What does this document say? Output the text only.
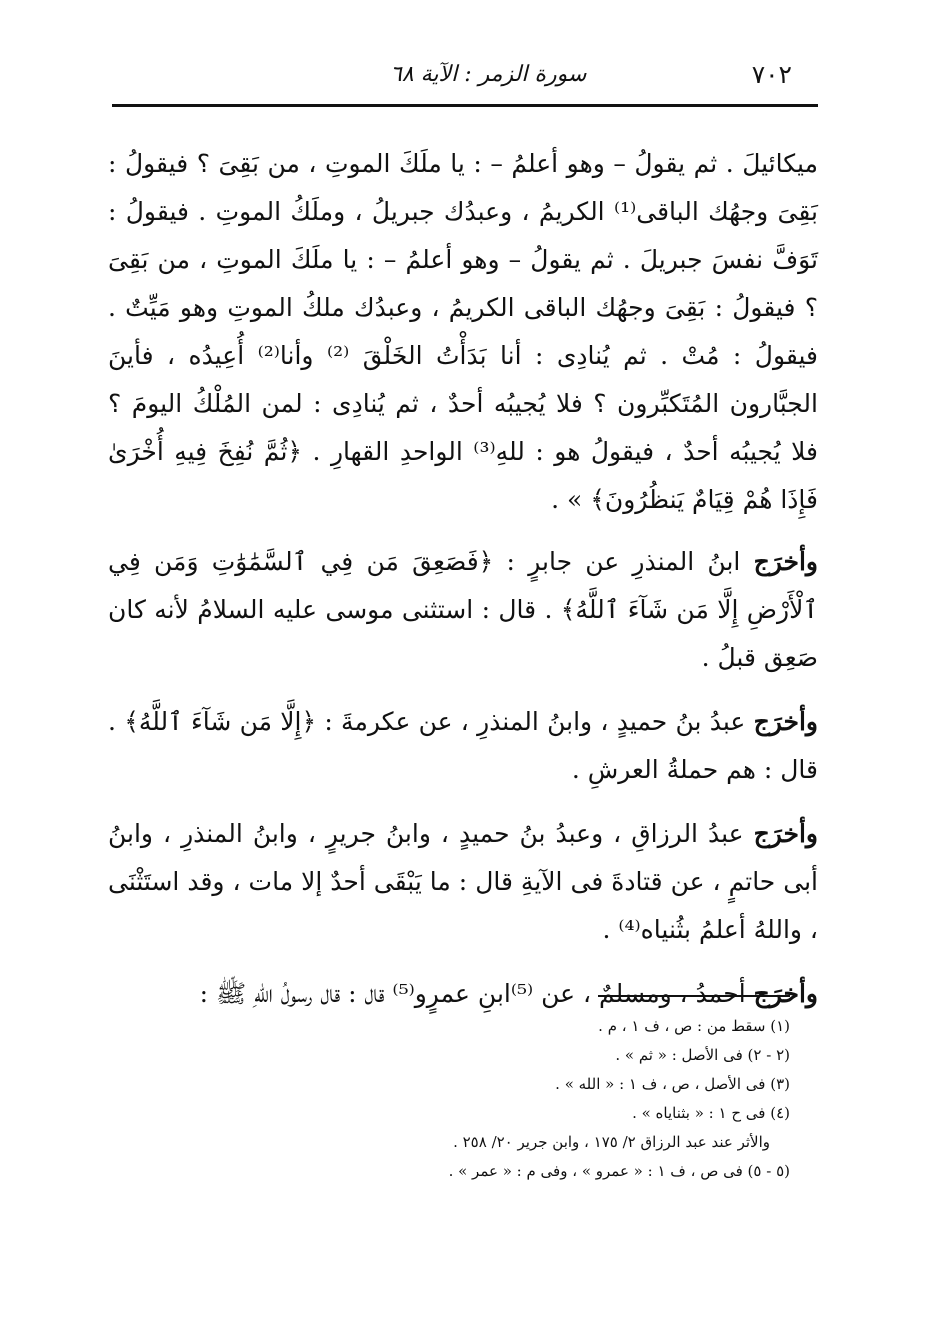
سورة الزمر : الآية ٦٨	٧٠٢

ميكائيلَ . ثم يقولُ – وهو أعلمُ – : يا ملَكَ الموتِ ، من بَقِىَ ؟ فيقولُ : بَقِىَ وجهُك الباقى⁽¹⁾ الكريمُ ، وعبدُك جبريلُ ، وملَكُ الموتِ . فيقولُ : تَوَفَّ نفسَ جبريلَ . ثم يقولُ – وهو أعلمُ – : يا ملَكَ الموتِ ، من بَقِىَ ؟ فيقولُ : بَقِىَ وجهُك الباقى الكريمُ ، وعبدُك ملكُ الموتِ وهو مَيِّتٌ . فيقولُ : مُتْ . ثم يُنادِى : أنا بَدَأْتُ الخَلْقَ ⁽²⁾ وأنا⁽²⁾ أُعِيدُه ، فأينَ الجبَّارون المُتَكبِّرون ؟ فلا يُجيبُه أحدٌ ، ثم يُنادِى : لمن المُلْكُ اليومَ ؟ فلا يُجيبُه أحدٌ ، فيقولُ هو : للهِ⁽³⁾ الواحدِ القهارِ . ﴿ثُمَّ نُفِخَ فِيهِ أُخْرَىٰ فَإِذَا هُمْ قِيَامٌ يَنظُرُونَ﴾ » .

وأخرَج ابنُ المنذرِ عن جابرٍ : ﴿فَصَعِقَ مَن فِي ٱلسَّمَٰوَٰتِ وَمَن فِي ٱلْأَرْضِ إِلَّا مَن شَآءَ ٱللَّهُ﴾ . قال : استثنى موسى عليه السلامُ لأنه كان صَعِق قبلُ .

وأخرَج عبدُ بنُ حميدٍ ، وابنُ المنذرِ ، عن عكرمةَ : ﴿إِلَّا مَن شَآءَ ٱللَّهُ﴾ . قال : هم حملةُ العرشِ .

وأخرَج عبدُ الرزاقِ ، وعبدُ بنُ حميدٍ ، وابنُ جريرٍ ، وابنُ المنذرِ ، وابنُ أبى حاتمٍ ، عن قتادةَ فى الآيةِ قال : ما يَبْقَى أحدٌ إلا مات ، وقد استَثْنَى ، واللهُ أعلمُ بثُنياه⁽⁴⁾ .

وأخرَج أحمدُ ، ومسلمٌ ، عن ⁽⁵⁾ابنِ عمرٍو⁽⁵⁾ قال : قال رسولُ اللهِ ﷺ :

(١) سقط من : ص ، ف ١ ، م .
(٢ - ٢) فى الأصل : « ثم » .
(٣) فى الأصل ، ص ، ف ١ : « الله » .
(٤) فى ح ١ : « بثناياه » .
والأثر عند عبد الرزاق ٢/ ١٧٥ ، وابن جرير ٢٠/ ٢٥٨ .
(٥ - ٥) فى ص ، ف ١ : « عمرو » ، وفى م : « عمر » .
